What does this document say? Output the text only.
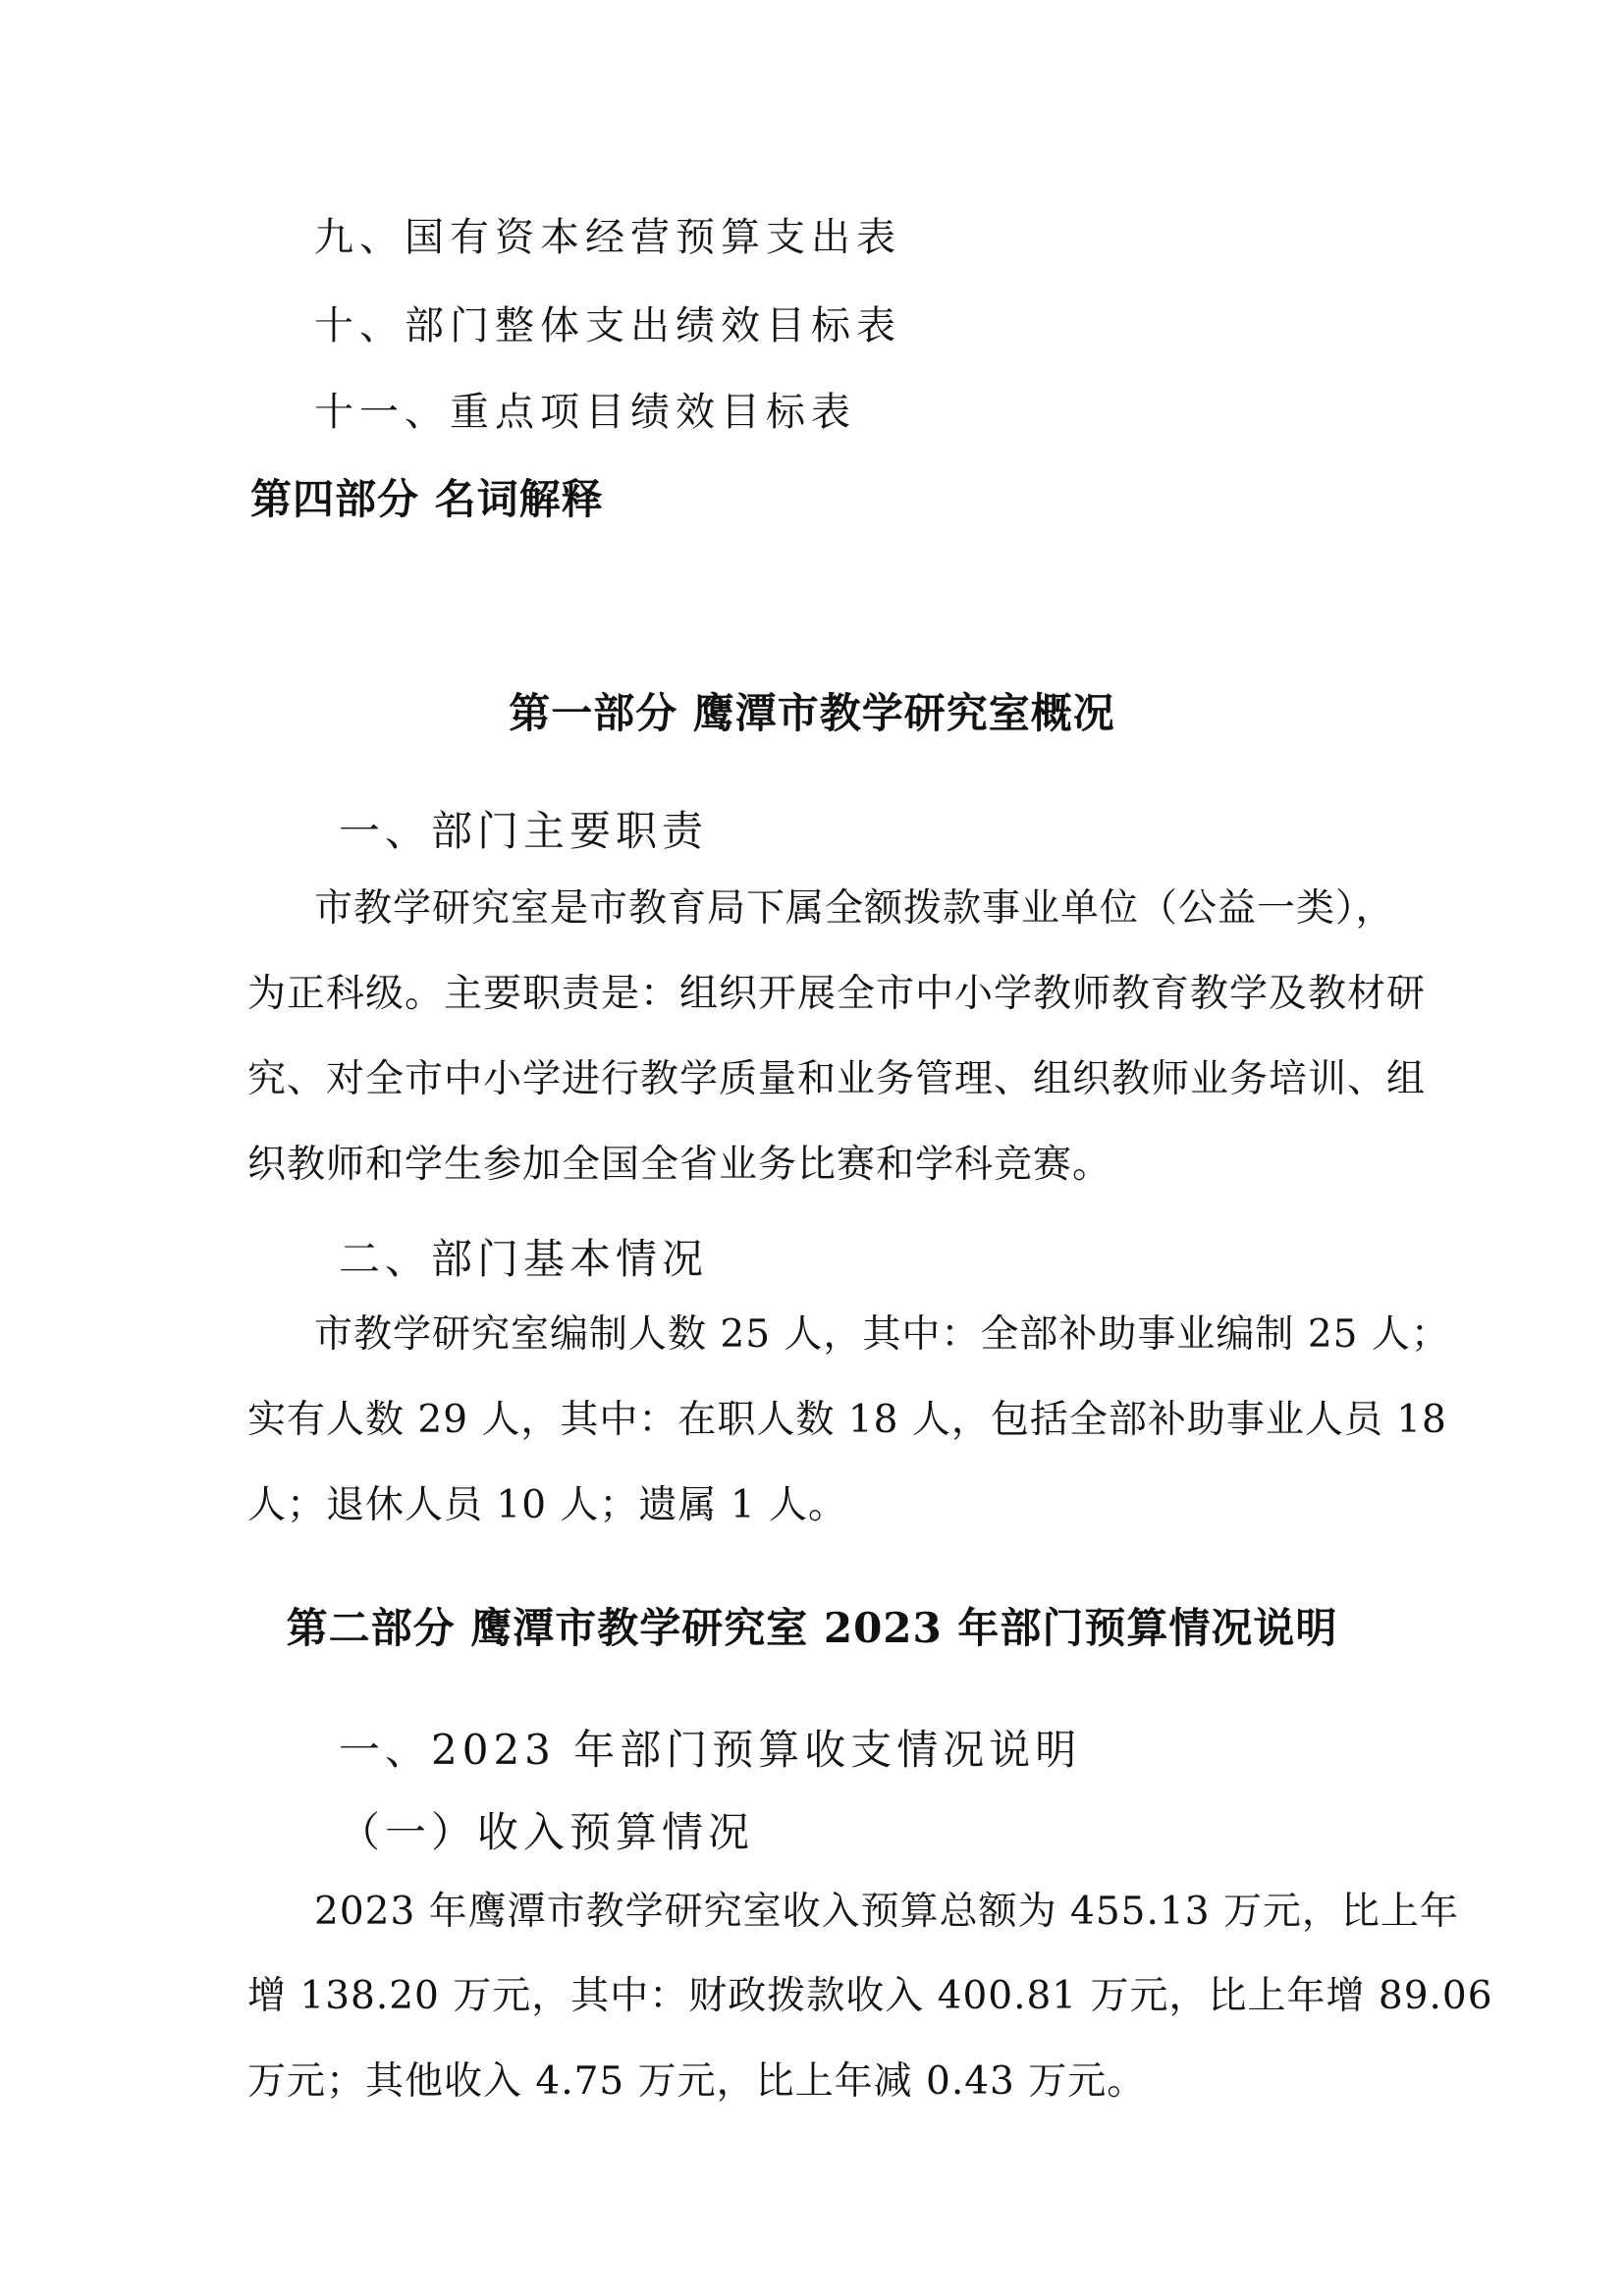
九、国有资本经营预算支出表
十、部门整体支出绩效目标表
十一、重点项目绩效目标表
第四部分 名词解释
第一部分 鹰潭市教学研究室概况
一、部门主要职责
市教学研究室是市教育局下属全额拨款事业单位（公益一类），
为正科级。主要职责是：组织开展全市中小学教师教育教学及教材研
究、对全市中小学进行教学质量和业务管理、组织教师业务培训、组
织教师和学生参加全国全省业务比赛和学科竞赛。
二、部门基本情况
市教学研究室编制人数 25 人，其中：全部补助事业编制 25 人；
实有人数 29 人，其中：在职人数 18 人，包括全部补助事业人员 18
人；退休人员 10 人；遗属 1 人。
第二部分 鹰潭市教学研究室 2023 年部门预算情况说明
一、2023 年部门预算收支情况说明
（一）收入预算情况
2023 年鹰潭市教学研究室收入预算总额为 455.13 万元，比上年
增 138.20 万元，其中：财政拨款收入 400.81 万元，比上年增 89.06
万元；其他收入 4.75 万元，比上年减 0.43 万元。
